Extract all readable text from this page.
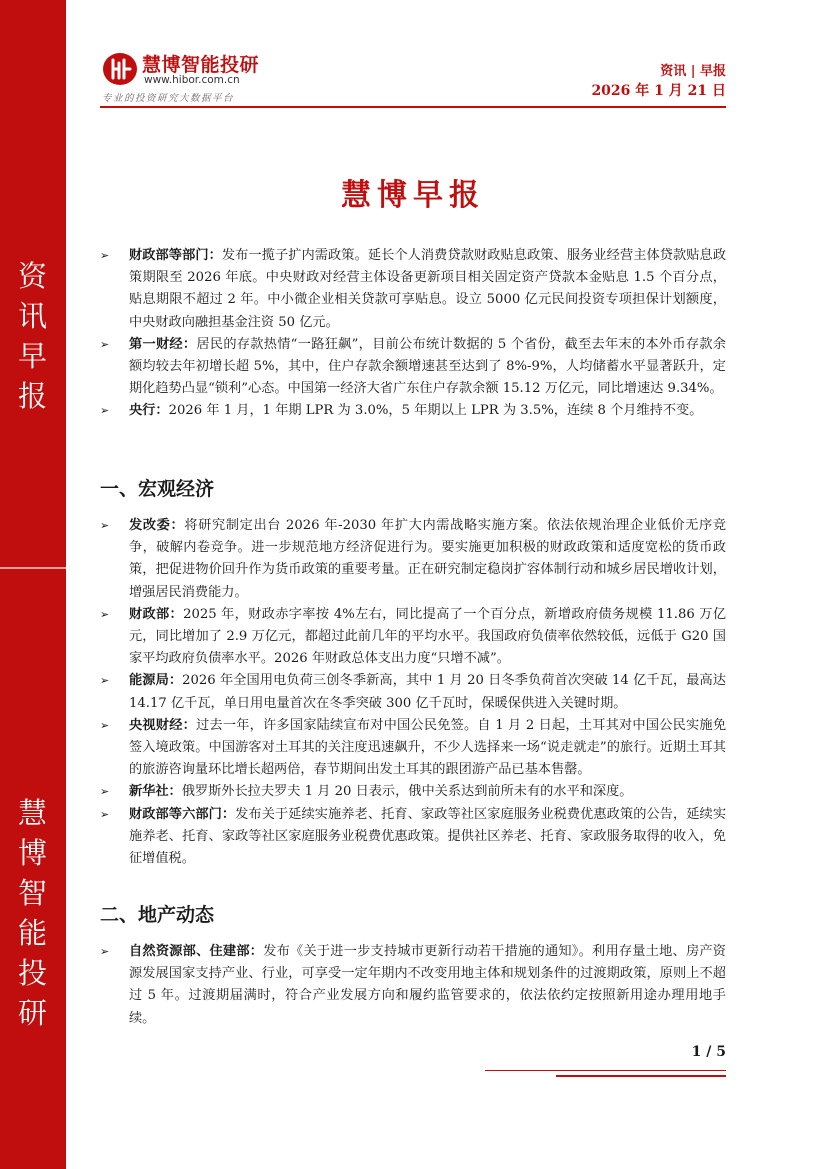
资讯早报
慧博智能投研
慧博智能投研
www.hibor.com.cn
专业的投资研究大数据平台
资讯 | 早报
2026 年 1 月 21 日
慧博早报
➢ 财政部等部门：发布一揽子扩内需政策。延长个人消费贷款财政贴息政策、服务业经营主体贷款贴息政策期限至 2026 年底。中央财政对经营主体设备更新项目相关固定资产贷款本金贴息 1.5 个百分点，贴息期限不超过 2 年。中小微企业相关贷款可享贴息。设立 5000 亿元民间投资专项担保计划额度，中央财政向融担基金注资 50 亿元。
➢ 第一财经：居民的存款热情“一路狂飙”，目前公布统计数据的 5 个省份，截至去年末的本外币存款余额均较去年初增长超 5%，其中，住户存款余额增速甚至达到了 8%-9%，人均储蓄水平显著跃升，定期化趋势凸显“锁利”心态。中国第一经济大省广东住户存款余额 15.12 万亿元，同比增速达 9.34%。
➢ 央行：2026 年 1 月，1 年期 LPR 为 3.0%，5 年期以上 LPR 为 3.5%，连续 8 个月维持不变。
一、宏观经济
➢ 发改委：将研究制定出台 2026 年-2030 年扩大内需战略实施方案。依法依规治理企业低价无序竞争，破解内卷竞争。进一步规范地方经济促进行为。要实施更加积极的财政政策和适度宽松的货币政策，把促进物价回升作为货币政策的重要考量。正在研究制定稳岗扩容体制行动和城乡居民增收计划，增强居民消费能力。
➢ 财政部：2025 年，财政赤字率按 4%左右，同比提高了一个百分点，新增政府债务规模 11.86 万亿元，同比增加了 2.9 万亿元，都超过此前几年的平均水平。我国政府负债率依然较低，远低于 G20 国家平均政府负债率水平。2026 年财政总体支出力度“只增不减”。
➢ 能源局：2026 年全国用电负荷三创冬季新高，其中 1 月 20 日冬季负荷首次突破 14 亿千瓦，最高达 14.17 亿千瓦，单日用电量首次在冬季突破 300 亿千瓦时，保暖保供进入关键时期。
➢ 央视财经：过去一年，许多国家陆续宣布对中国公民免签。自 1 月 2 日起，土耳其对中国公民实施免签入境政策。中国游客对土耳其的关注度迅速飙升，不少人选择来一场“说走就走”的旅行。近期土耳其的旅游咨询量环比增长超两倍，春节期间出发土耳其的跟团游产品已基本售罄。
➢ 新华社：俄罗斯外长拉夫罗夫 1 月 20 日表示，俄中关系达到前所未有的水平和深度。
➢ 财政部等六部门：发布关于延续实施养老、托育、家政等社区家庭服务业税费优惠政策的公告，延续实施养老、托育、家政等社区家庭服务业税费优惠政策。提供社区养老、托育、家政服务取得的收入，免征增值税。
二、地产动态
➢ 自然资源部、住建部：发布《关于进一步支持城市更新行动若干措施的通知》。利用存量土地、房产资源发展国家支持产业、行业，可享受一定年期内不改变用地主体和规划条件的过渡期政策，原则上不超过 5 年。过渡期届满时，符合产业发展方向和履约监管要求的，依法依约定按照新用途办理用地手续。
1 / 5
